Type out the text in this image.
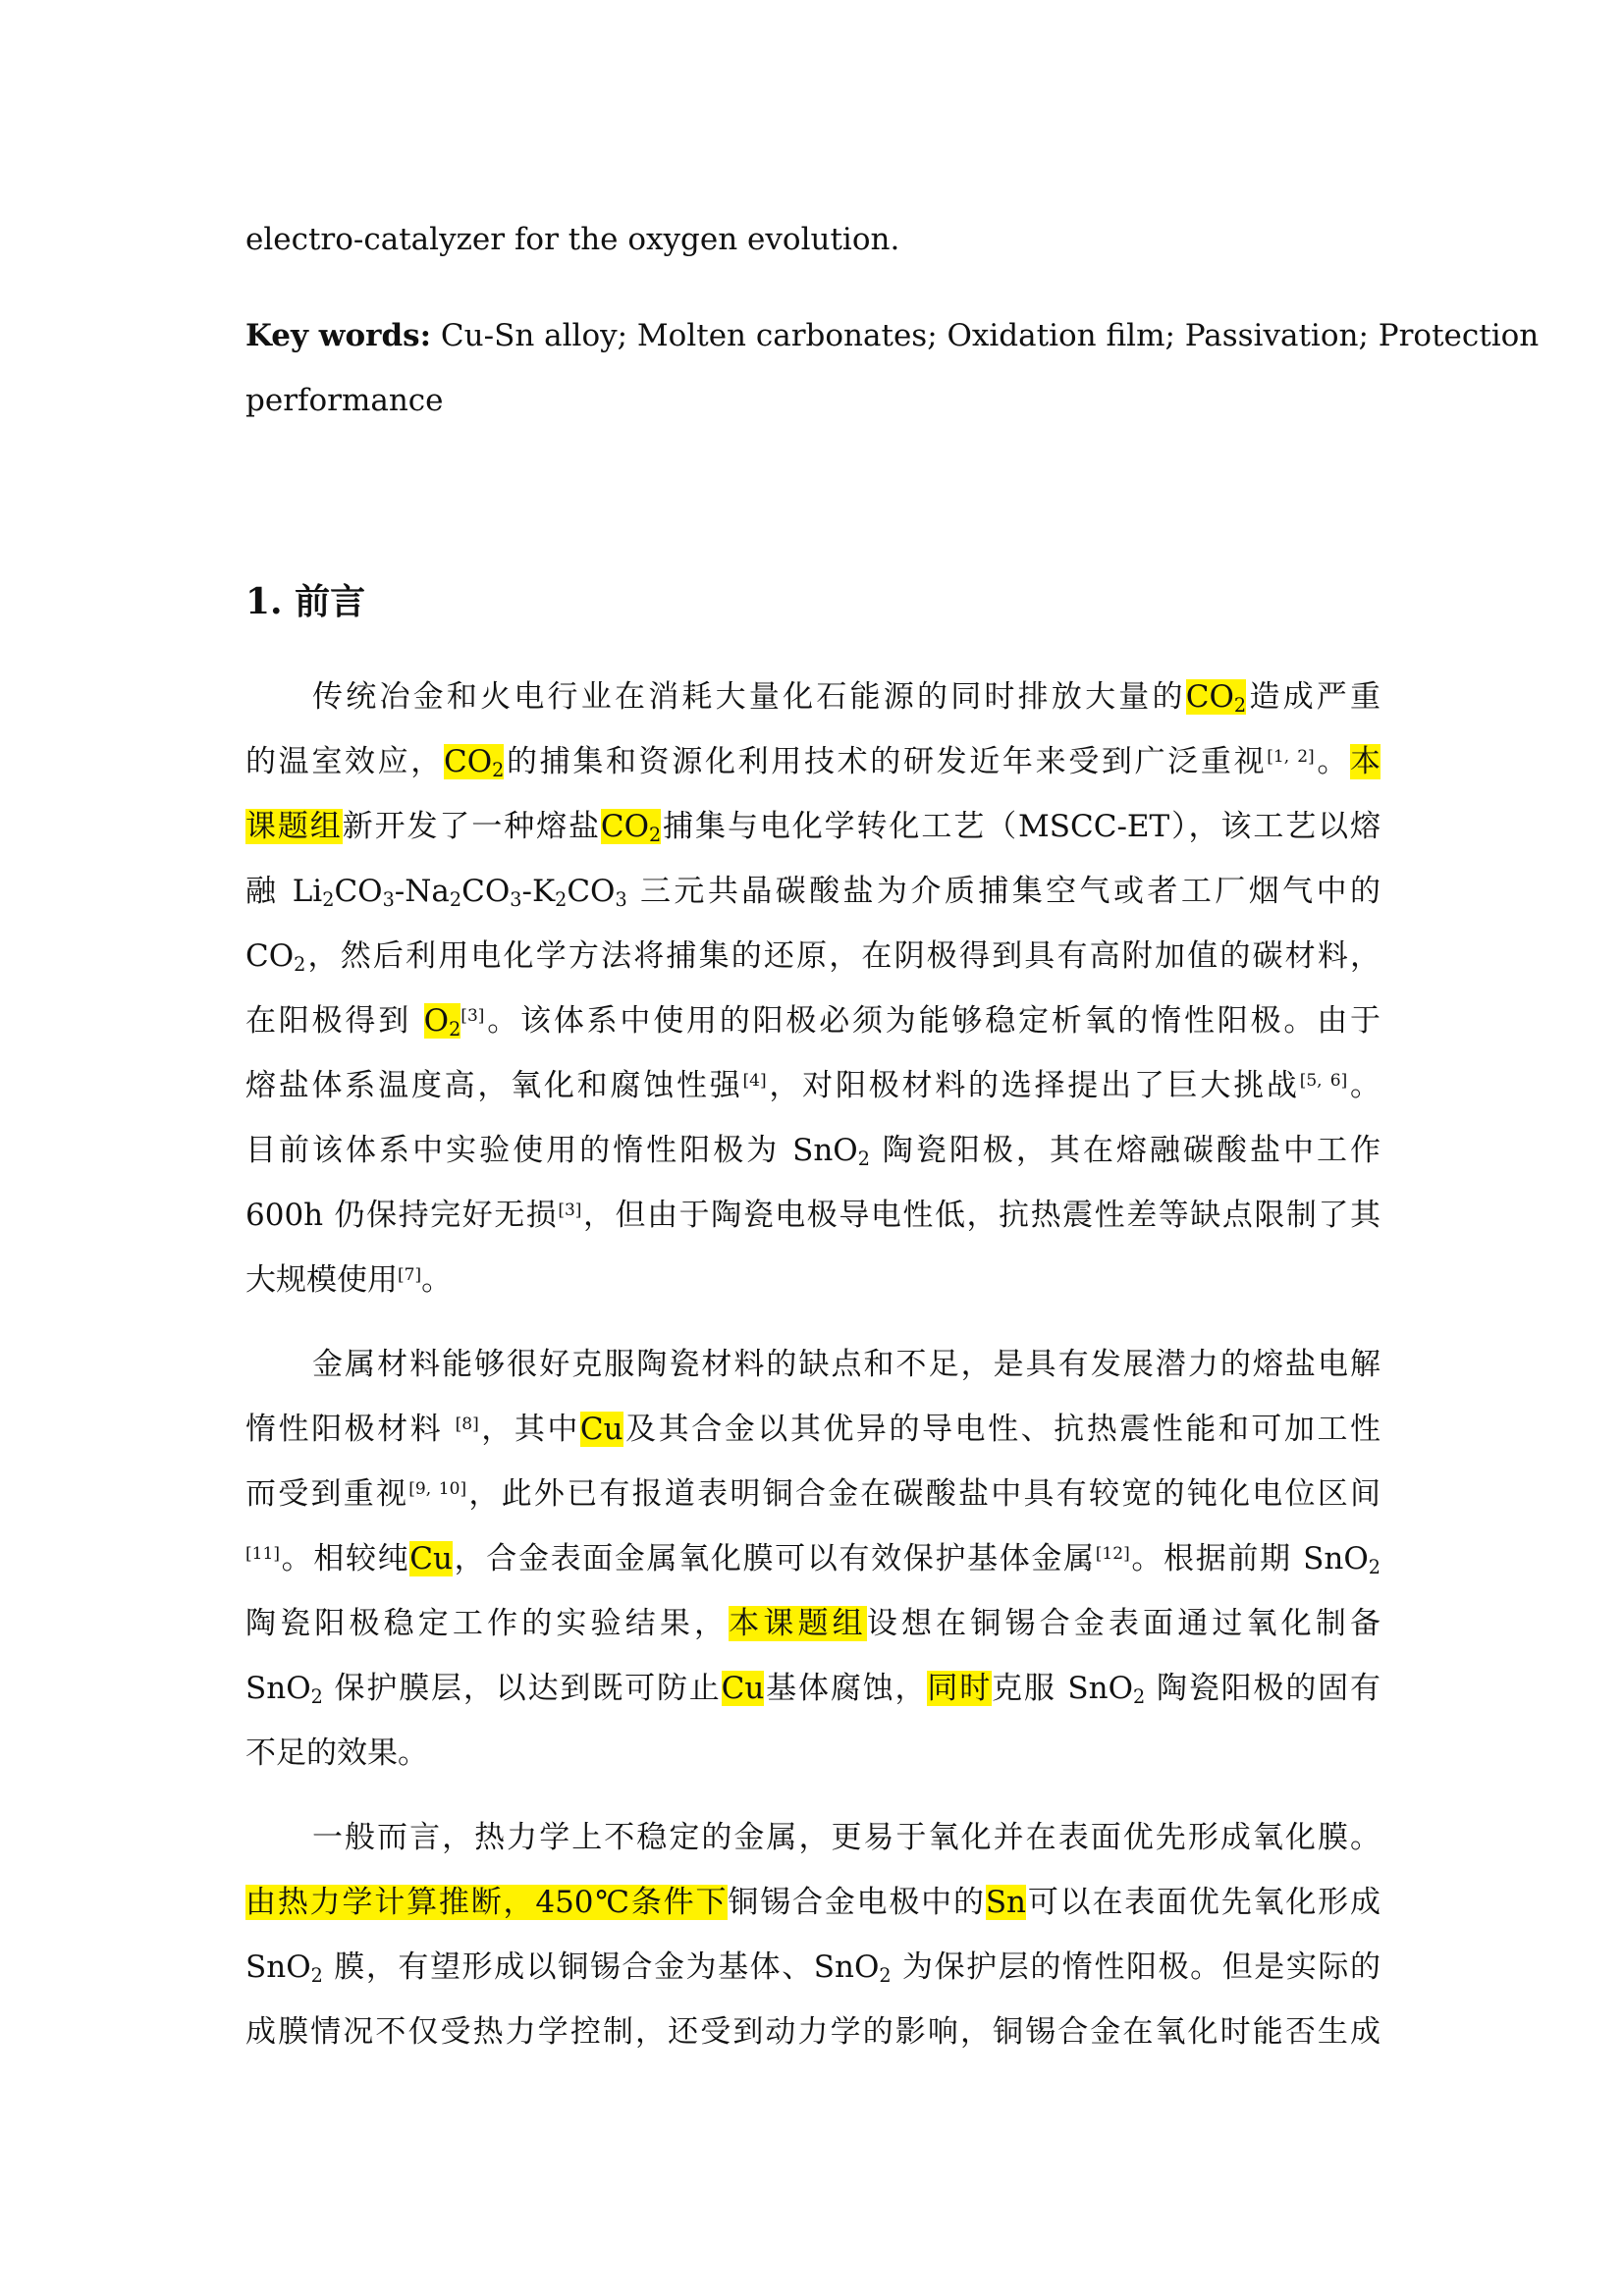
electro-catalyzer for the oxygen evolution.
Key words: Cu-Sn alloy; Molten carbonates; Oxidation film; Passivation; Protection
performance
1. 前言
传统冶金和火电行业在消耗大量化石能源的同时排放大量的$CO_2$造成严重
的温室效应，$CO_2$的捕集和资源化利用技术的研发近年来受到广泛重视[1, 2]。本
课题组新开发了一种熔盐$CO_2$捕集与电化学转化工艺（MSCC-ET），该工艺以熔
融 $Li_2CO_3-Na_2CO_3-K_2CO_3$ 三元共晶碳酸盐为介质捕集空气或者工厂烟气中的
$CO_2$，然后利用电化学方法将捕集的还原，在阴极得到具有高附加值的碳材料，
在阳极得到 $O_2[3]$。该体系中使用的阳极必须为能够稳定析氧的惰性阳极。由于
熔盐体系温度高，氧化和腐蚀性强[4]，对阳极材料的选择提出了巨大挑战[5, 6]。
目前该体系中实验使用的惰性阳极为 SnO$_2$ 陶瓷阳极，其在熔融碳酸盐中工作
600h 仍保持完好无损[3]，但由于陶瓷电极导电性低，抗热震性差等缺点限制了其
大规模使用[7]。
金属材料能够很好克服陶瓷材料的缺点和不足，是具有发展潜力的熔盐电解
惰性阳极材料 [8]，其中Cu及其合金以其优异的导电性、抗热震性能和可加工性
而受到重视[9, 10]，此外已有报道表明铜合金在碳酸盐中具有较宽的钝化电位区间
[11]。相较纯Cu，合金表面金属氧化膜可以有效保护基体金属[12]。根据前期 SnO$_2$
陶瓷阳极稳定工作的实验结果，本课题组设想在铜锡合金表面通过氧化制备
SnO$_2$ 保护膜层，以达到既可防止Cu基体腐蚀，同时克服 SnO$_2$ 陶瓷阳极的固有
不足的效果。
一般而言，热力学上不稳定的金属，更易于氧化并在表面优先形成氧化膜。
由热力学计算推断，450℃条件下铜锡合金电极中的Sn可以在表面优先氧化形成
SnO$_2$ 膜，有望形成以铜锡合金为基体、SnO$_2$ 为保护层的惰性阳极。但是实际的
成膜情况不仅受热力学控制，还受到动力学的影响，铜锡合金在氧化时能否生成
